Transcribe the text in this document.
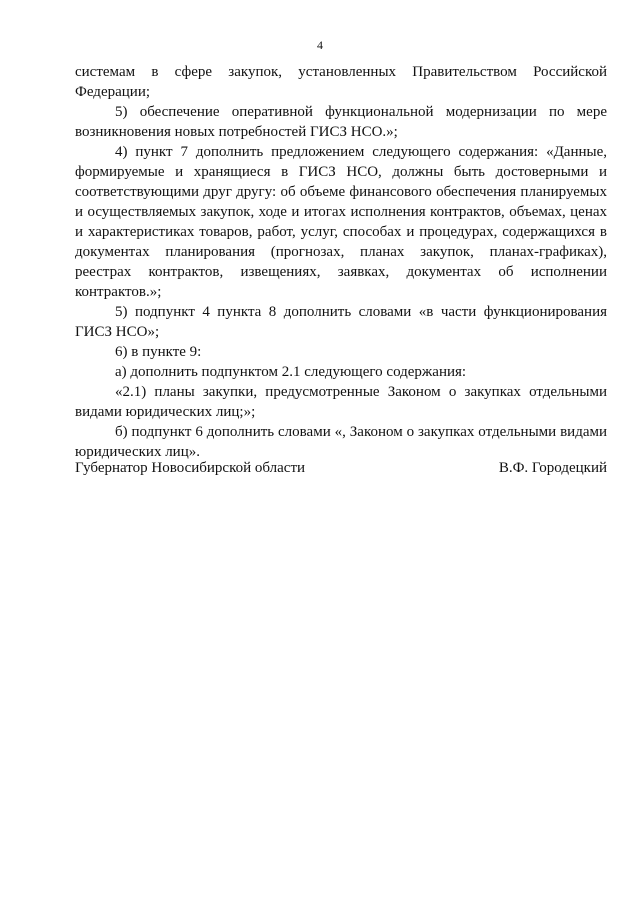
4

системам в сфере закупок, установленных Правительством Российской Федерации;

5) обеспечение оперативной функциональной модернизации по мере возникновения новых потребностей ГИСЗ НСО.»;

4) пункт 7 дополнить предложением следующего содержания: «Данные, формируемые и хранящиеся в ГИСЗ НСО, должны быть достоверными и соответствующими друг другу: об объеме финансового обеспечения планируемых и осуществляемых закупок, ходе и итогах исполнения контрактов, объемах, ценах и характеристиках товаров, работ, услуг, способах и процедурах, содержащихся в документах планирования (прогнозах, планах закупок, планах-графиках), реестрах контрактов, извещениях, заявках, документах об исполнении контрактов.»;

5) подпункт 4 пункта 8 дополнить словами «в части функционирования ГИСЗ НСО»;

6) в пункте 9:

а) дополнить подпунктом 2.1 следующего содержания:

«2.1) планы закупки, предусмотренные Законом о закупках отдельными видами юридических лиц;»;

б) подпункт 6 дополнить словами «, Законом о закупках отдельными видами юридических лиц».

Губернатор Новосибирской области	В.Ф. Городецкий
